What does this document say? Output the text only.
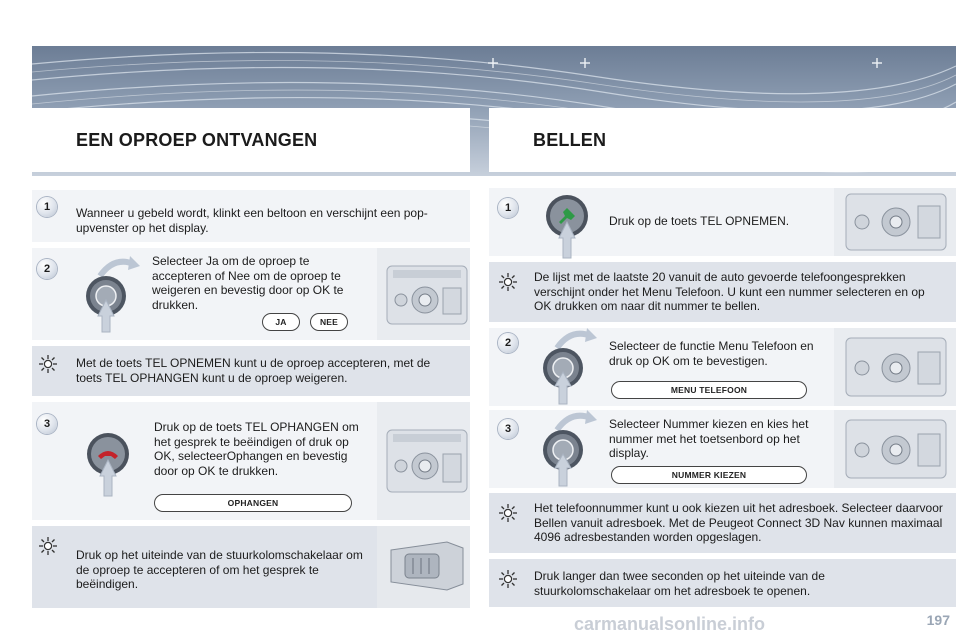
EEN OPROEP ONTVANGEN	BELLEN
1	Wanneer u gebeld wordt, klinkt een beltoon en verschijnt een pop-upvenster op het display.
2
Selecteer Ja om de oproep te accepteren of Nee om de oproep te weigeren en bevestig door op OK te drukken.
JA	NEE
Met de toets TEL OPNEMEN kunt u de oproep accepteren, met de toets TEL OPHANGEN kunt u de oproep weigeren.
3	Druk op de toets TEL OPHANGEN om het gesprek te beëindigen of druk op OK, selecteerOphangen en bevestig door op OK te drukken.
OPHANGEN
Druk op het uiteinde van de stuurkolomschakelaar om de oproep te accepteren of om het gesprek te beëindigen.
1
Druk op de toets TEL OPNEMEN.
De lijst met de laatste 20 vanuit de auto gevoerde telefoongesprekken verschijnt onder het Menu Telefoon. U kunt een nummer selecteren en op OK drukken om naar dit nummer te bellen.
2	Selecteer de functie Menu Telefoon en druk op OK om te bevestigen.
MENU TELEFOON
3	Selecteer Nummer kiezen en kies het nummer met het toetsenbord op het display.
NUMMER KIEZEN
Het telefoonnummer kunt u ook kiezen uit het adresboek. Selecteer daarvoor Bellen vanuit adresboek. Met de Peugeot Connect 3D Nav kunnen maximaal 4096 adresbestanden worden opgeslagen.
Druk langer dan twee seconden op het uiteinde van de stuurkolomschakelaar om het adresboek te openen.
carmanualsonline.info	197
